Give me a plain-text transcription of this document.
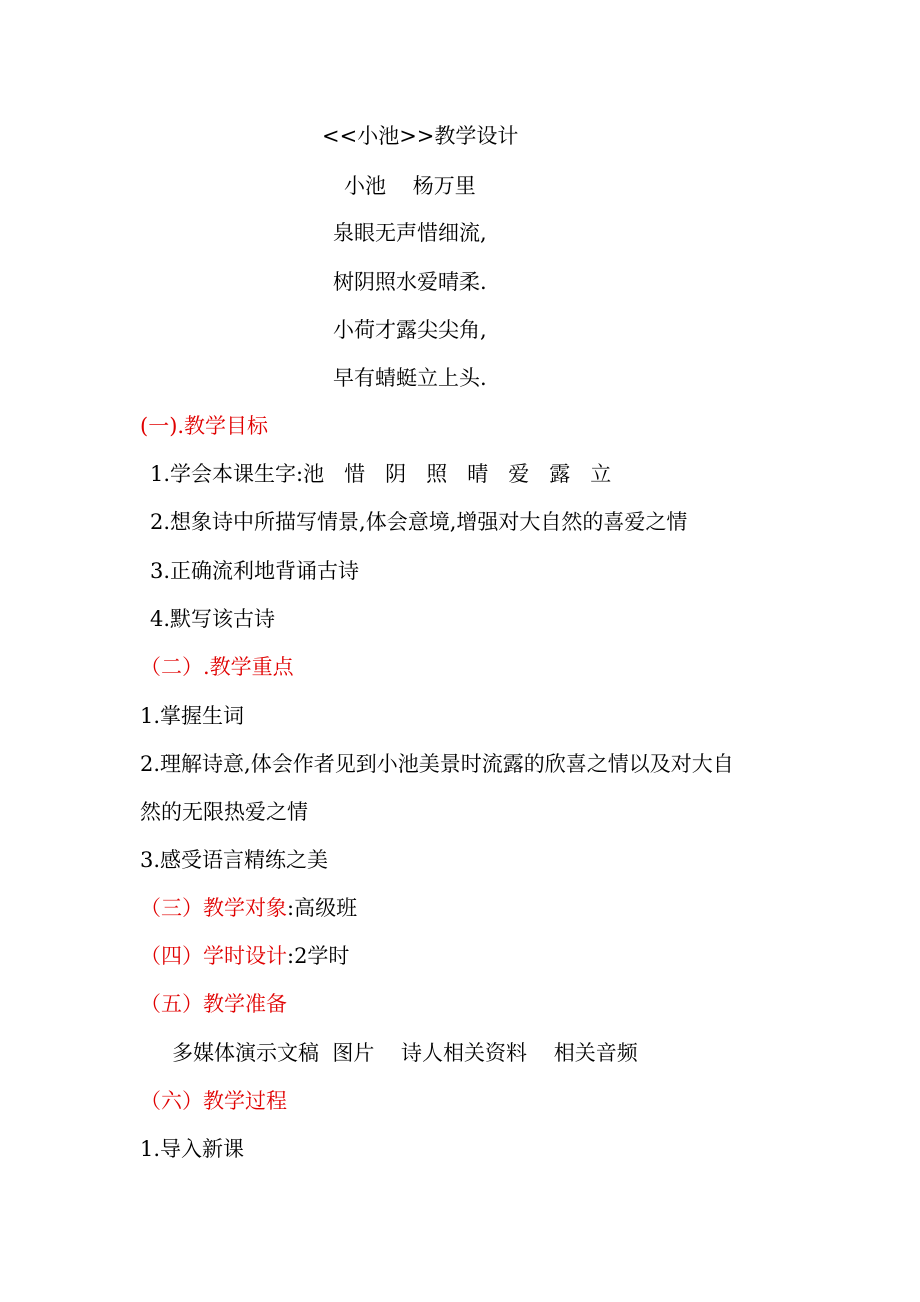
<<小池>>教学设计
小池    杨万里
泉眼无声惜细流,
树阴照水爱晴柔.
小荷才露尖尖角,
早有蜻蜓立上头.
(一).教学目标
1.学会本课生字:池   惜   阴   照   晴   爱   露   立
2.想象诗中所描写情景,体会意境,增强对大自然的喜爱之情
3.正确流利地背诵古诗
4.默写该古诗
（二）.教学重点
1.掌握生词
2.理解诗意,体会作者见到小池美景时流露的欣喜之情以及对大自
然的无限热爱之情
3.感受语言精练之美
（三）教学对象:高级班
（四）学时设计:2学时
（五）教学准备
多媒体演示文稿  图片    诗人相关资料    相关音频
（六）教学过程
1.导入新课
